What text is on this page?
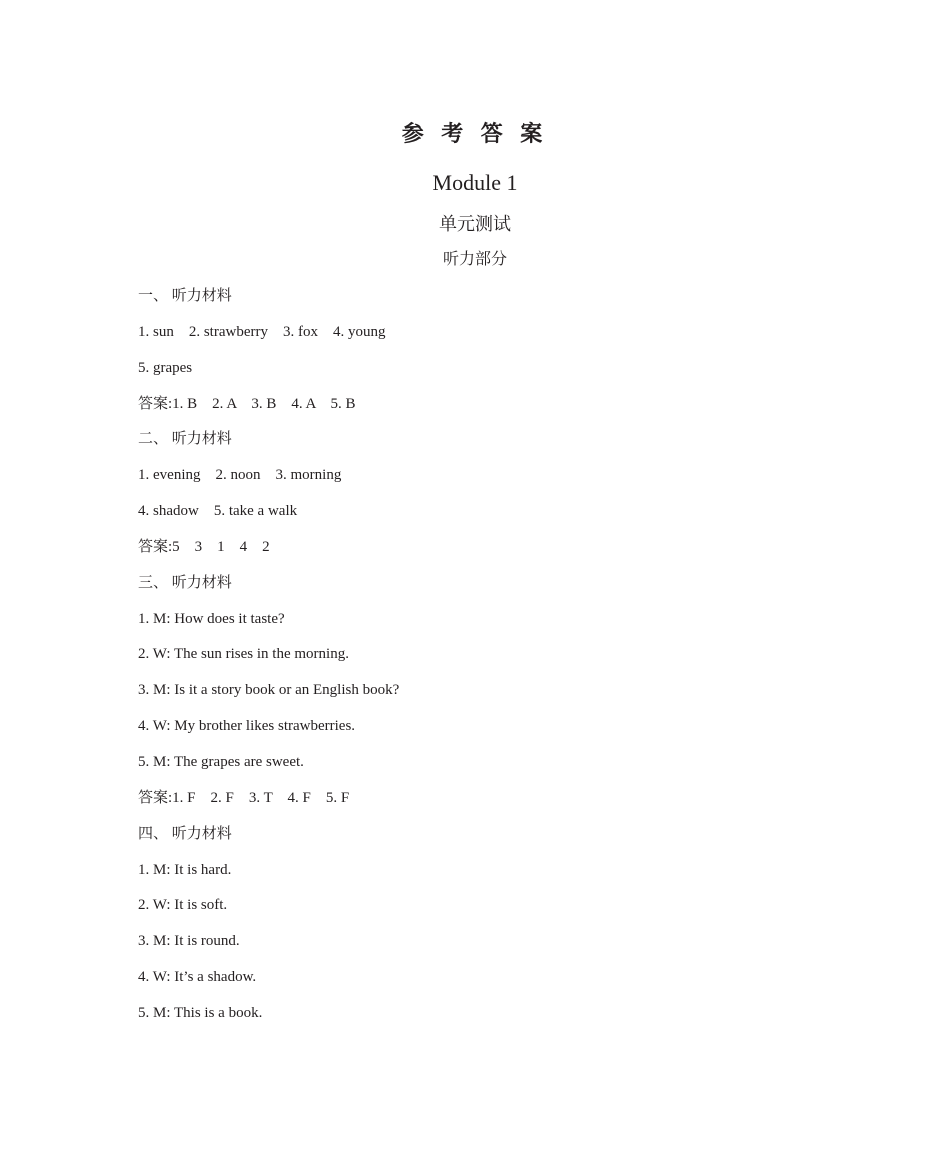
参 考 答 案
Module 1
单元测试
听力部分
一、 听力材料
1. sun    2. strawberry    3. fox    4. young
5. grapes
答案:1. B    2. A    3. B    4. A    5. B
二、 听力材料
1. evening    2. noon    3. morning
4. shadow    5. take a walk
答案:5    3    1    4    2
三、 听力材料
1. M: How does it taste?
2. W: The sun rises in the morning.
3. M: Is it a story book or an English book?
4. W: My brother likes strawberries.
5. M: The grapes are sweet.
答案:1. F    2. F    3. T    4. F    5. F
四、 听力材料
1. M: It is hard.
2. W: It is soft.
3. M: It is round.
4. W: It’s a shadow.
5. M: This is a book.
